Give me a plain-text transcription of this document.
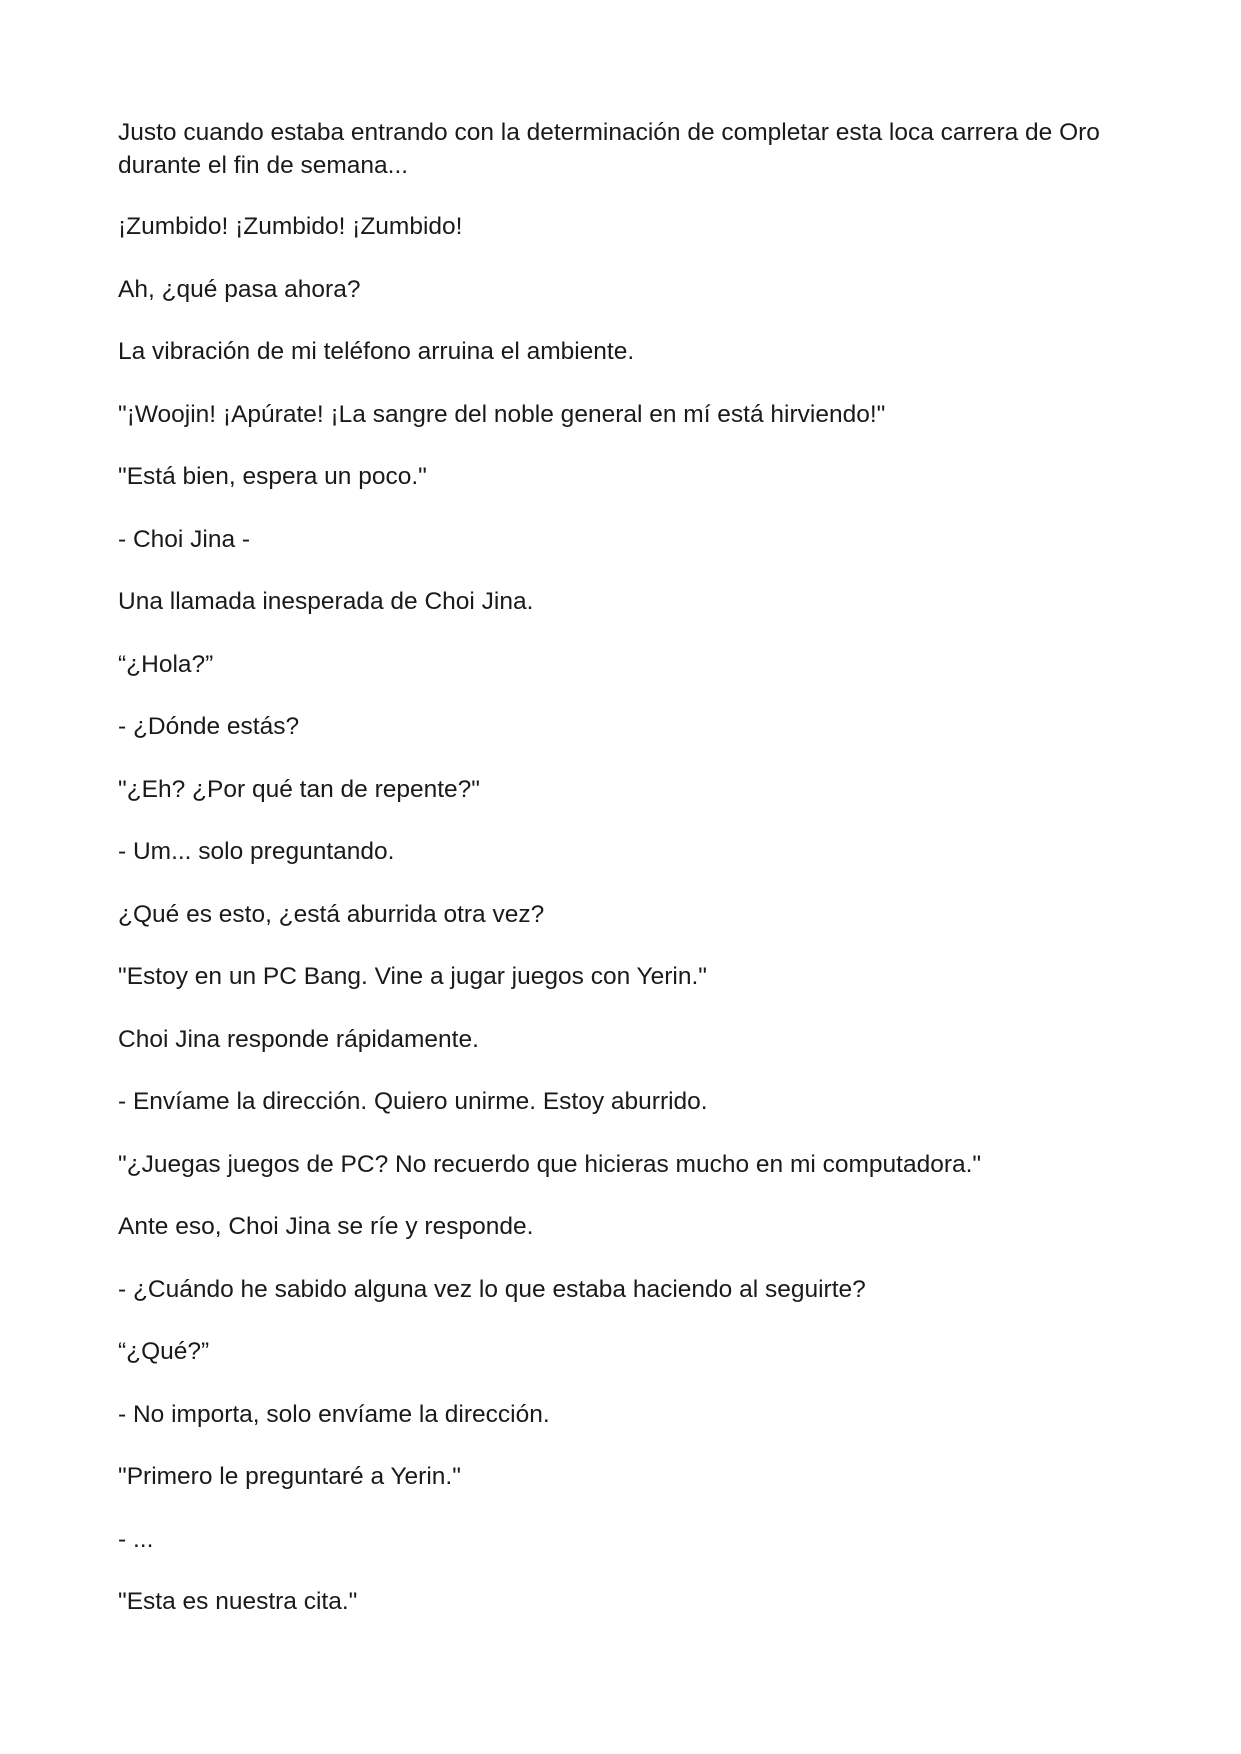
Justo cuando estaba entrando con la determinación de completar esta loca carrera de Oro durante el fin de semana...

¡Zumbido! ¡Zumbido! ¡Zumbido!

Ah, ¿qué pasa ahora?

La vibración de mi teléfono arruina el ambiente.

"¡Woojin! ¡Apúrate! ¡La sangre del noble general en mí está hirviendo!"

"Está bien, espera un poco."

- Choi Jina -

Una llamada inesperada de Choi Jina.

“¿Hola?”

- ¿Dónde estás?

"¿Eh? ¿Por qué tan de repente?"

- Um... solo preguntando.

¿Qué es esto, ¿está aburrida otra vez?

"Estoy en un PC Bang. Vine a jugar juegos con Yerin."

Choi Jina responde rápidamente.

- Envíame la dirección. Quiero unirme. Estoy aburrido.

"¿Juegas juegos de PC? No recuerdo que hicieras mucho en mi computadora."

Ante eso, Choi Jina se ríe y responde.

- ¿Cuándo he sabido alguna vez lo que estaba haciendo al seguirte?

“¿Qué?”

- No importa, solo envíame la dirección.

"Primero le preguntaré a Yerin."

- ...

"Esta es nuestra cita."
